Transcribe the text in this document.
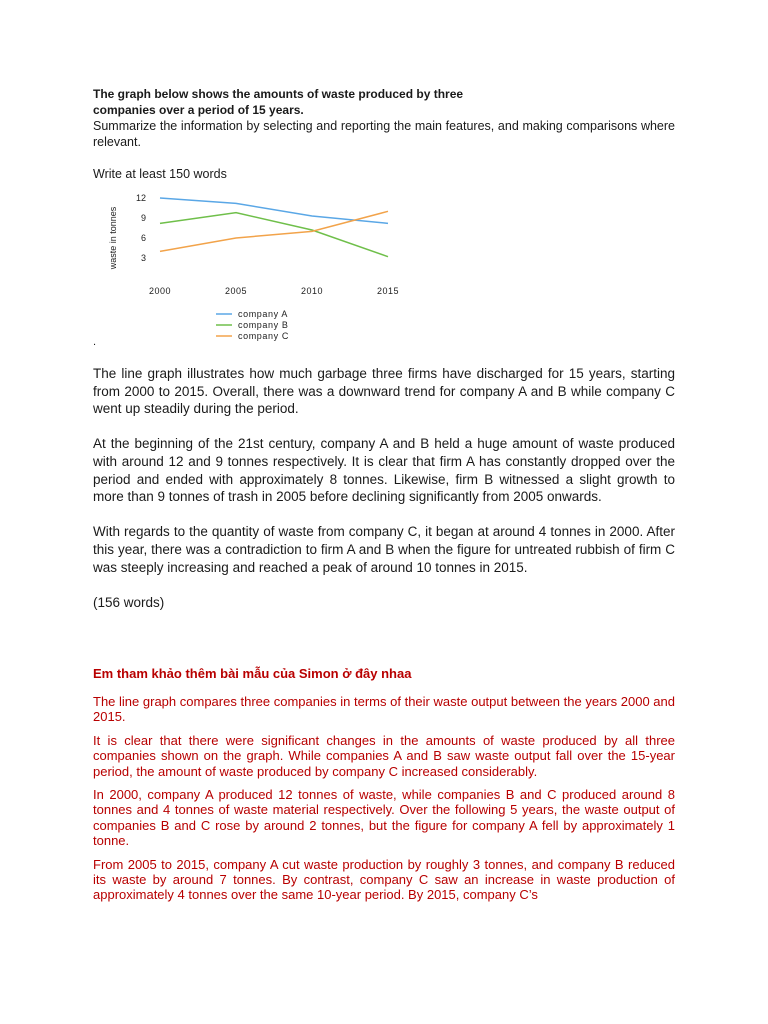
The graph below shows the amounts of waste produced by three

companies over a period of 15 years.

Summarize the information by selecting and reporting the main features, and making comparisons where relevant.

Write at least 150 words

waste in tonnes	3
6
9
12
2000	2005	2010	2015
company A
company B
company C
.

The line graph illustrates how much garbage three firms have discharged for 15 years, starting from 2000 to 2015. Overall, there was a downward trend for company A and B while company C went up steadily during the period.

At the beginning of the 21st century, company A and B held a huge amount of waste produced with around 12 and 9 tonnes respectively. It is clear that firm A has constantly dropped over the period and ended with approximately 8 tonnes. Likewise, firm B witnessed a slight growth to more than 9 tonnes of trash in 2005 before declining significantly from 2005 onwards.

With regards to the quantity of waste from company C, it began at around 4 tonnes in 2000. After this year, there was a contradiction to firm A and B when the figure for untreated rubbish of firm C was steeply increasing and reached a peak of around 10 tonnes in 2015.

(156 words)

Em tham khảo thêm bài mẫu của Simon ở đây nhaa

The line graph compares three companies in terms of their waste output between the years 2000 and 2015.

It is clear that there were significant changes in the amounts of waste produced by all three companies shown on the graph. While companies A and B saw waste output fall over the 15-year period, the amount of waste produced by company C increased considerably.

In 2000, company A produced 12 tonnes of waste, while companies B and C produced around 8 tonnes and 4 tonnes of waste material respectively. Over the following 5 years, the waste output of companies B and C rose by around 2 tonnes, but the figure for company A fell by approximately 1 tonne.

From 2005 to 2015, company A cut waste production by roughly 3 tonnes, and company B reduced its waste by around 7 tonnes. By contrast, company C saw an increase in waste production of approximately 4 tonnes over the same 10-year period. By 2015, company C’s
